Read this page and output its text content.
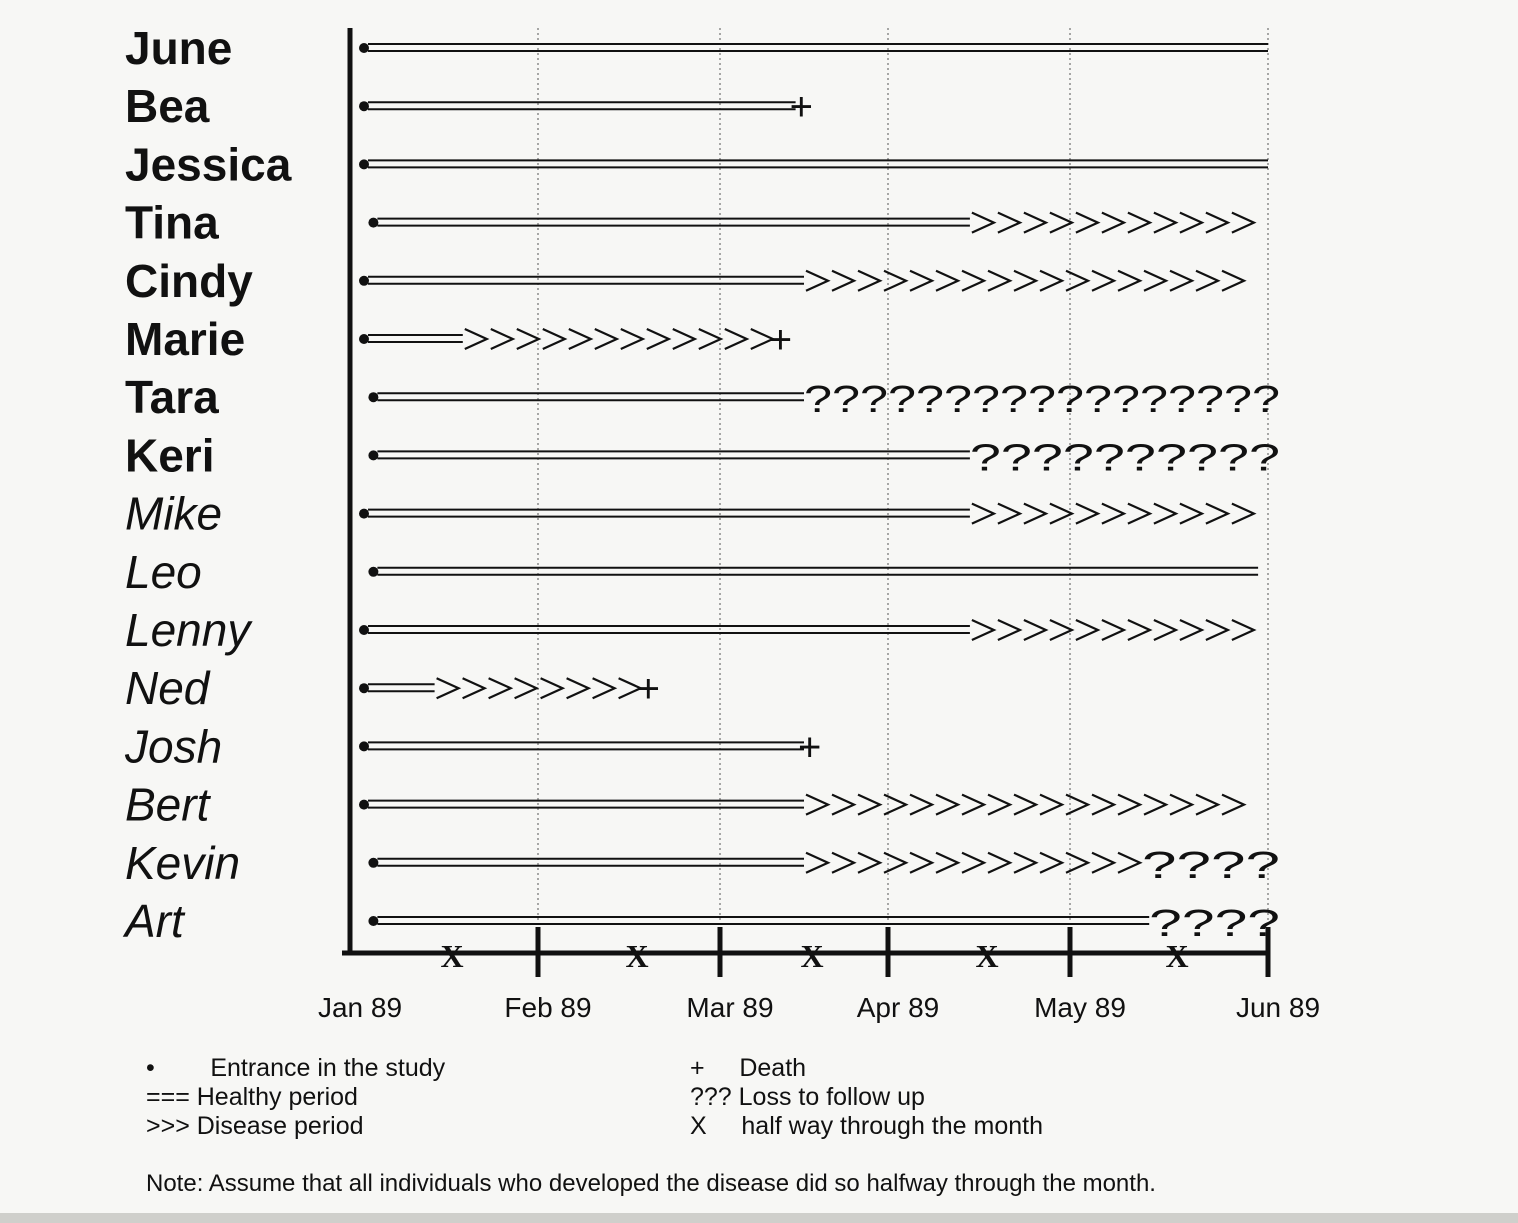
X	X	X	X	X
Jan 89	Feb 89	Mar 89	Apr 89	May 89	Jun 89
June
Bea	+
Jessica
Tina
Cindy
Marie	+
Tara	?????????????????
Keri	??????????
Mike
Leo
Lenny
Ned	+
Josh	+
Bert
Kevin	????
Art	????
•        Entrance in the study
=== Healthy period
>>> Disease period
+     Death
??? Loss to follow up
X     half way through the month
Note: Assume that all individuals who developed the disease did so halfway through the month.
